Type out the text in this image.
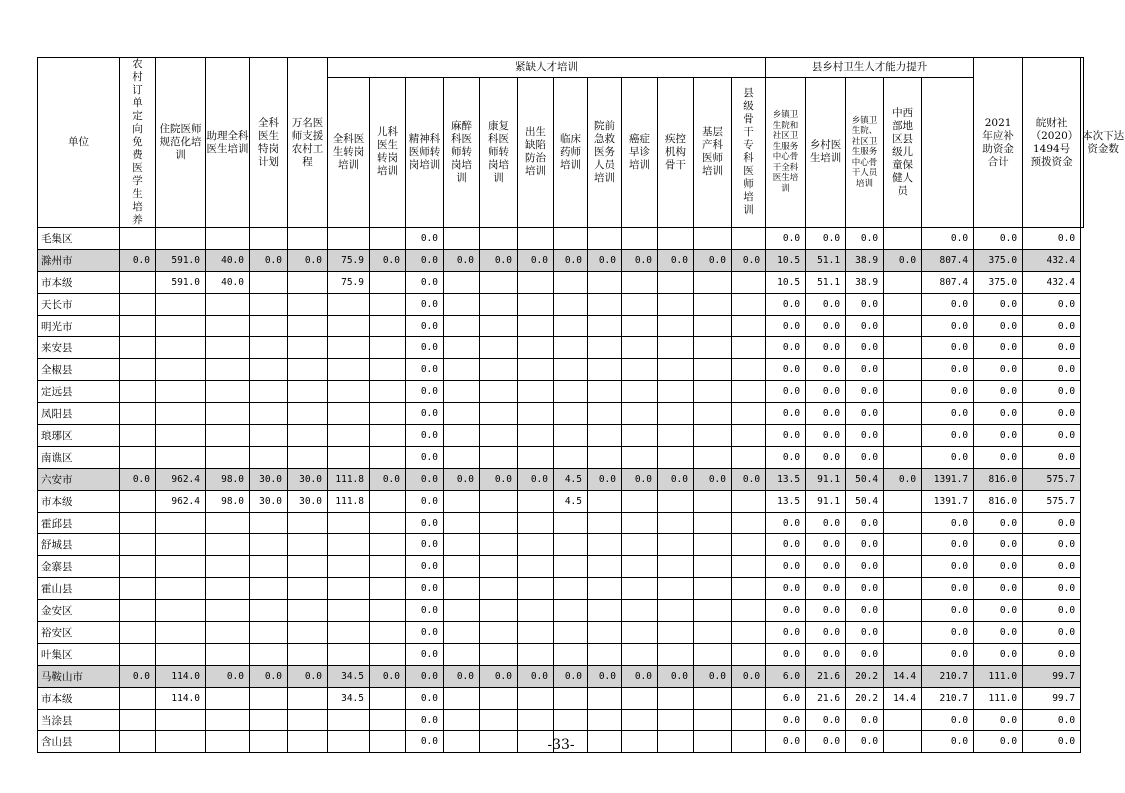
单位	农村订单定向免费医学生培养	住院医师规范化培训	助理全科医生培训	全科医生特岗计划	万名医师支援农村工程	紧缺人才培训												县乡村卫生人才能力提升					2021年应补助资金合计	皖财社（2020）1494号预拨资金	本次下达资金数
						全科医生转岗培训	儿科医生转岗培训	精神科医师转岗培训	麻醉科医师转岗培训	康复科医师转岗培训	出生缺陷防治培训	临床药师培训	院前急救医务人员培训	癌症早诊培训	疾控机构骨干	基层产科医师培训	县级骨干专科医师培训	乡镇卫生院和社区卫生服务中心骨干全科医生培训	乡村医生培训	乡镇卫生院、社区卫生服务中心骨干人员培训	中西部地区县级儿童保健人员				
毛集区								0.0										0.0	0.0	0.0		0.0	0.0	0.0	
滁州市	0.0	591.0	40.0	0.0	0.0	75.9	0.0	0.0	0.0	0.0	0.0	0.0	0.0	0.0	0.0	0.0	0.0	10.5	51.1	38.9	0.0	807.4	375.0	432.4	
市本级		591.0	40.0			75.9		0.0										10.5	51.1	38.9		807.4	375.0	432.4	
天长市								0.0										0.0	0.0	0.0		0.0	0.0	0.0	
明光市								0.0										0.0	0.0	0.0		0.0	0.0	0.0	
来安县								0.0										0.0	0.0	0.0		0.0	0.0	0.0	
全椒县								0.0										0.0	0.0	0.0		0.0	0.0	0.0	
定远县								0.0										0.0	0.0	0.0		0.0	0.0	0.0	
凤阳县								0.0										0.0	0.0	0.0		0.0	0.0	0.0	
琅琊区								0.0										0.0	0.0	0.0		0.0	0.0	0.0	
南谯区								0.0										0.0	0.0	0.0		0.0	0.0	0.0	
六安市	0.0	962.4	98.0	30.0	30.0	111.8	0.0	0.0	0.0	0.0	0.0	4.5	0.0	0.0	0.0	0.0	0.0	13.5	91.1	50.4	0.0	1391.7	816.0	575.7	
市本级		962.4	98.0	30.0	30.0	111.8		0.0				4.5						13.5	91.1	50.4		1391.7	816.0	575.7	
霍邱县								0.0										0.0	0.0	0.0		0.0	0.0	0.0	
舒城县								0.0										0.0	0.0	0.0		0.0	0.0	0.0	
金寨县								0.0										0.0	0.0	0.0		0.0	0.0	0.0	
霍山县								0.0										0.0	0.0	0.0		0.0	0.0	0.0	
金安区								0.0										0.0	0.0	0.0		0.0	0.0	0.0	
裕安区								0.0										0.0	0.0	0.0		0.0	0.0	0.0	
叶集区								0.0										0.0	0.0	0.0		0.0	0.0	0.0	
马鞍山市	0.0	114.0	0.0	0.0	0.0	34.5	0.0	0.0	0.0	0.0	0.0	0.0	0.0	0.0	0.0	0.0	0.0	6.0	21.6	20.2	14.4	210.7	111.0	99.7	
市本级		114.0				34.5		0.0										6.0	21.6	20.2	14.4	210.7	111.0	99.7	
当涂县								0.0										0.0	0.0	0.0		0.0	0.0	0.0	
含山县								0.0										0.0	0.0	0.0		0.0	0.0	0.0	
-33-
